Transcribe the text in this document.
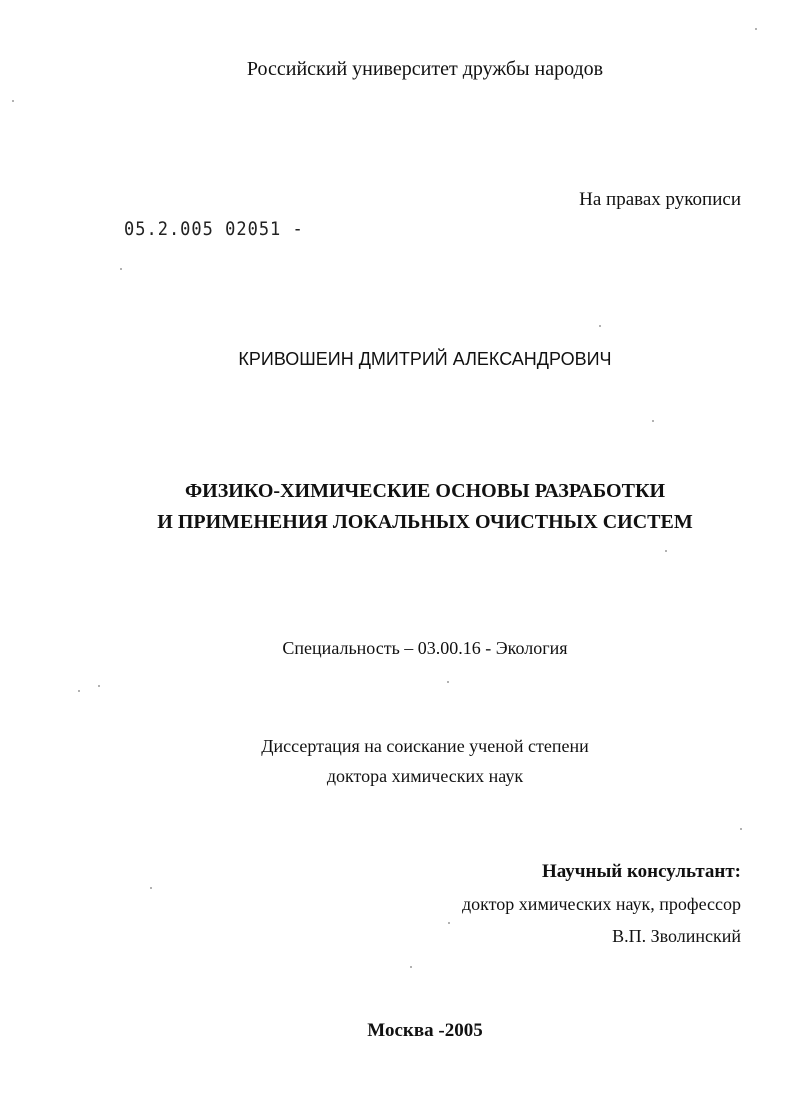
Российский университет дружбы народов
На правах рукописи
05.2.005 02051 -
КРИВОШЕИН ДМИТРИЙ АЛЕКСАНДРОВИЧ
ФИЗИКО-ХИМИЧЕСКИЕ ОСНОВЫ РАЗРАБОТКИ
И ПРИМЕНЕНИЯ ЛОКАЛЬНЫХ ОЧИСТНЫХ СИСТЕМ
Специальность – 03.00.16 - Экология
Диссертация на соискание ученой степени
доктора химических наук
Научный консультант:
доктор химических наук, профессор
В.П. Зволинский
Москва -2005
